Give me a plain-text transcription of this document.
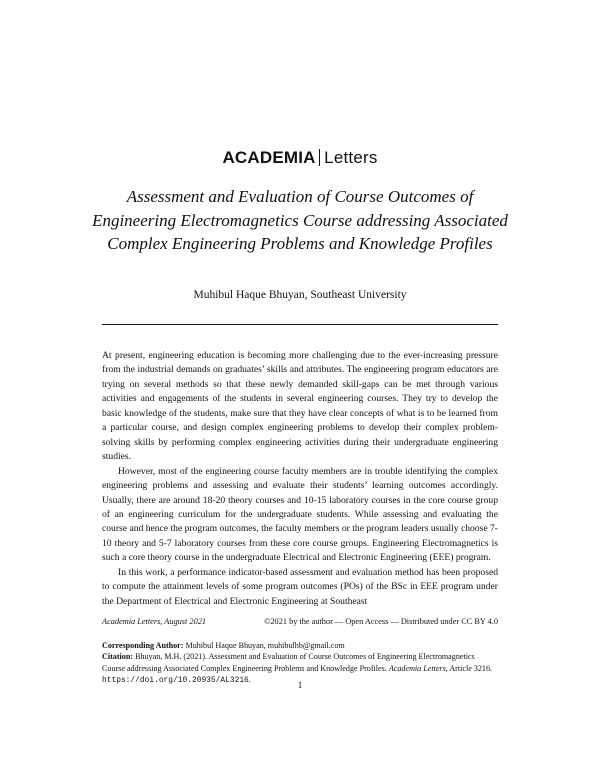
ACADEMIA Letters
Assessment and Evaluation of Course Outcomes of Engineering Electromagnetics Course addressing Associated Complex Engineering Problems and Knowledge Profiles
Muhibul Haque Bhuyan, Southeast University

At present, engineering education is becoming more challenging due to the ever-increasing pressure from the industrial demands on graduates’ skills and attributes. The engineering program educators are trying on several methods so that these newly demanded skill-gaps can be met through various activities and engagements of the students in several engineering courses. They try to develop the basic knowledge of the students, make sure that they have clear concepts of what is to be learned from a particular course, and design complex engineering problems to develop their complex problem-solving skills by performing complex engineering activities during their undergraduate engineering studies.

However, most of the engineering course faculty members are in trouble identifying the complex engineering problems and assessing and evaluate their students’ learning outcomes accordingly. Usually, there are around 18-20 theory courses and 10-15 laboratory courses in the core course group of an engineering curriculum for the undergraduate students. While assessing and evaluating the course and hence the program outcomes, the faculty members or the program leaders usually choose 7-10 theory and 5-7 laboratory courses from these core course groups. Engineering Electromagnetics is such a core theory course in the undergraduate Electrical and Electronic Engineering (EEE) program.

In this work, a performance indicator-based assessment and evaluation method has been proposed to compute the attainment levels of some program outcomes (POs) of the BSc in EEE program under the Department of Electrical and Electronic Engineering at Southeast

Academia Letters, August 2021	©2021 by the author — Open Access — Distributed under CC BY 4.0
Corresponding Author: Muhibul Haque Bhuyan, muhibulhb@gmail.com
Citation: Bhuyan, M.H. (2021). Assessment and Evaluation of Course Outcomes of Engineering Electromagnetics Course addressing Associated Complex Engineering Problems and Knowledge Profiles. Academia Letters, Article 3216. https://doi.org/10.20935/AL3216.
1
